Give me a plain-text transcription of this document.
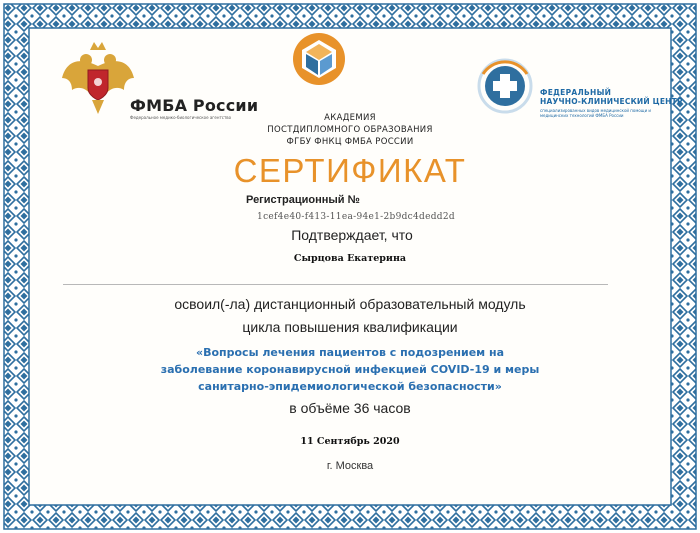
ФМБА России
Федеральное медико-биологическое агентство	АКАДЕМИЯ
ПОСТДИПЛОМНОГО ОБРАЗОВАНИЯ
ФГБУ ФНКЦ ФМБА РОССИИ
ФЕДЕРАЛЬНЫЙ
НАУЧНО-КЛИНИЧЕСКИЙ ЦЕНТР
специализированных видов медицинской помощи и медицинских технологий ФМБА России
СЕРТИФИКАТ
Регистрационный №
1cef4e40-f413-11ea-94e1-2b9dc4dedd2d
Подтверждает, что
Сырцова Екатерина
освоил(-ла) дистанционный образовательный модуль
цикла повышения квалификации
«Вопросы лечения пациентов с подозрением на
заболевание коронавирусной инфекцией COVID-19 и меры
санитарно-эпидемиологической безопасности»
в объёме 36 часов
11 Сентябрь 2020
г. Москва
